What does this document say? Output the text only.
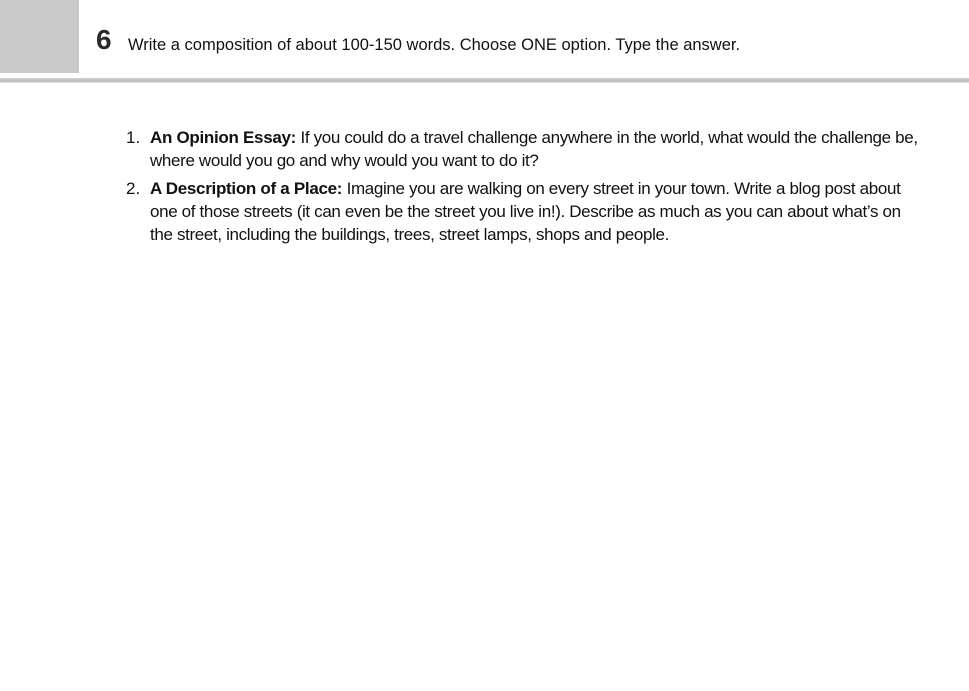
6 Write a composition of about 100-150 words. Choose ONE option. Type the answer.
1. An Opinion Essay: If you could do a travel challenge anywhere in the world, what would the challenge be, where would you go and why would you want to do it?
2. A Description of a Place: Imagine you are walking on every street in your town. Write a blog post about one of those streets (it can even be the street you live in!). Describe as much as you can about what’s on the street, including the buildings, trees, street lamps, shops and people.
